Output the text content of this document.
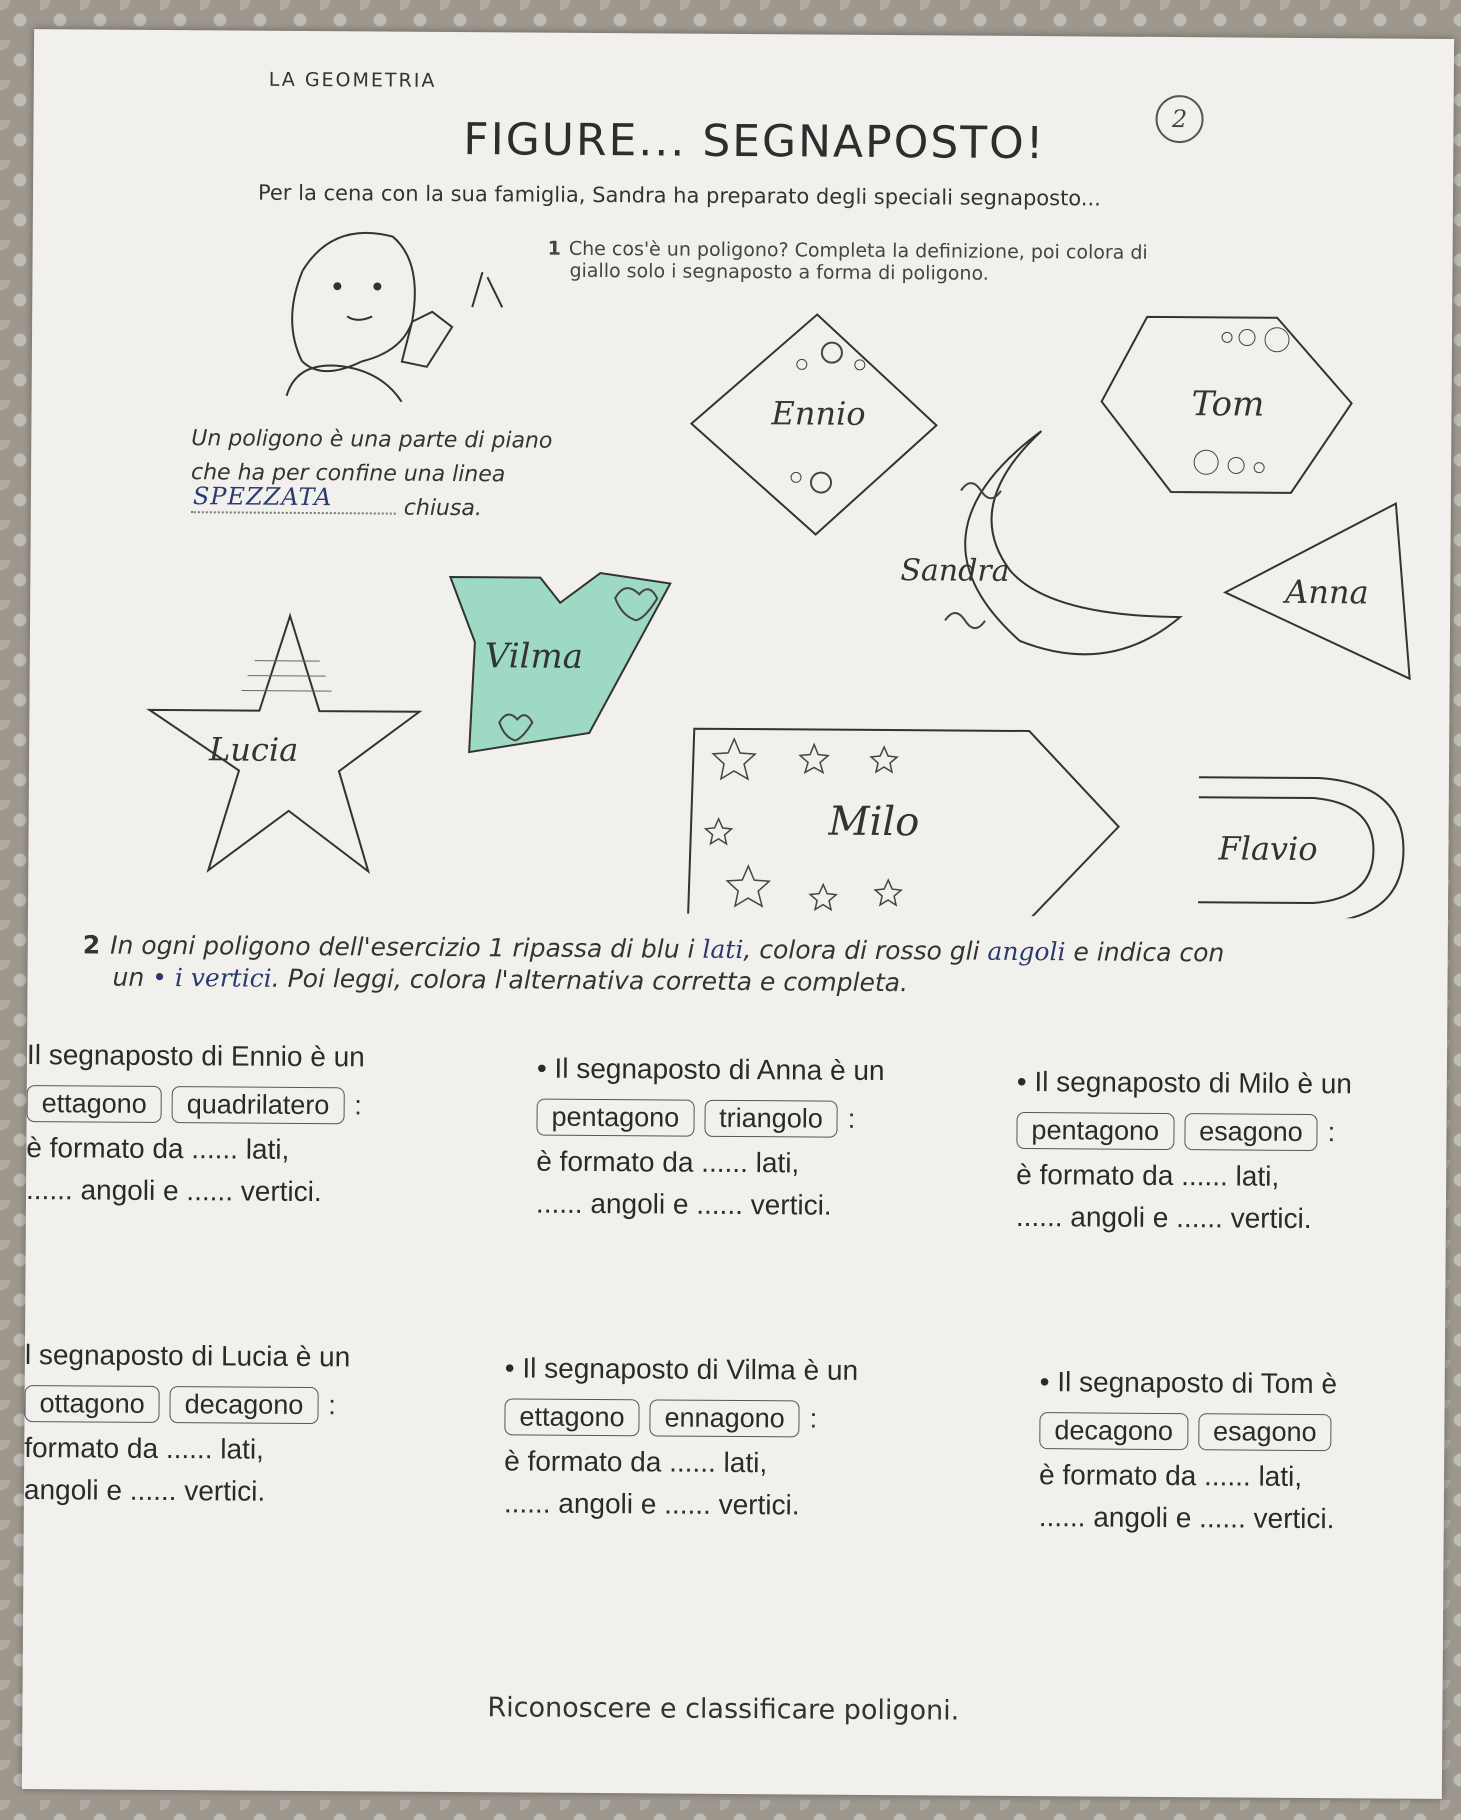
LA GEOMETRIA
FIGURE... SEGNAPOSTO!	2
Per la cena con la sua famiglia, Sandra ha preparato degli speciali segnaposto...
1 Che cos'è un poligono? Completa la definizione, poi colora di
giallo solo i segnaposto a forma di poligono.
Ennio	Tom
Sandra
Anna
Vilma
Lucia
Milo
Flavio
Un poligono è una parte di piano
che ha per confine una linea
SPEZZATA	chiusa.
2 In ogni poligono dell'esercizio 1 ripassa di blu i lati, colora di rosso gli angoli e indica con
un • i vertici. Poi leggi, colora l'alternativa corretta e completa.
Il segnaposto di Ennio è un
ettagono	quadrilatero :
è formato da ...... lati,
...... angoli e ...... vertici.
• Il segnaposto di Anna è un
pentagono	triangolo :
è formato da ...... lati,
...... angoli e ...... vertici.
• Il segnaposto di Milo è un
pentagono	esagono :
è formato da ...... lati,
...... angoli e ...... vertici.
l segnaposto di Lucia è un
ottagono	decagono :
formato da ...... lati,
angoli e ...... vertici.
• Il segnaposto di Vilma è un
ettagono	ennagono :
è formato da ...... lati,
...... angoli e ...... vertici.
• Il segnaposto di Tom è
decagono	esagono
è formato da ...... lati,
...... angoli e ...... vertici.
Riconoscere e classificare poligoni.
